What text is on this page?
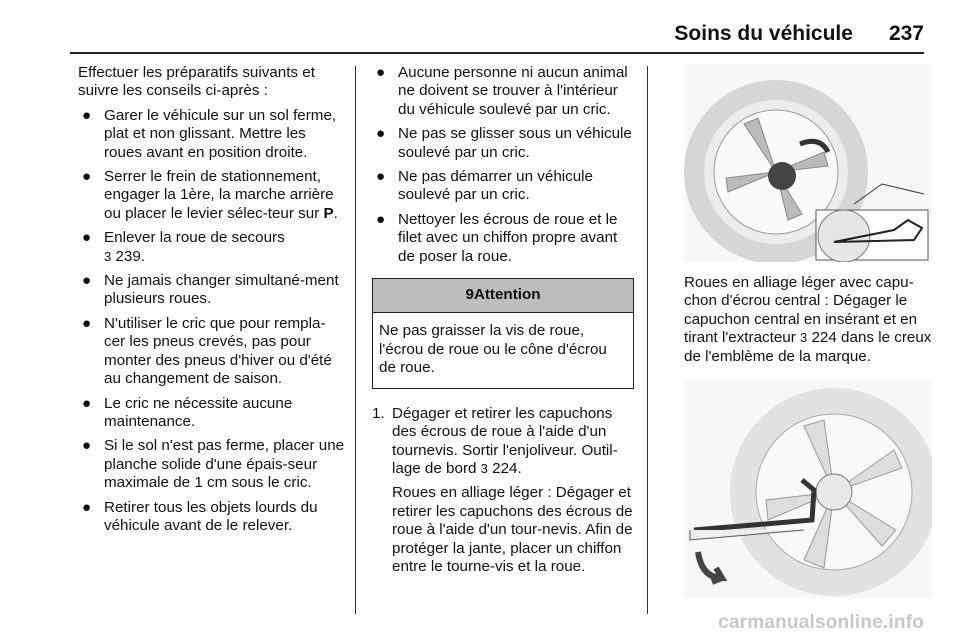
Soins du véhicule 237

Effectuer les préparatifs suivants et suivre les conseils ci-après :

● Garer le véhicule sur un sol ferme, plat et non glissant. Mettre les roues avant en position droite.
● Serrer le frein de stationnement, engager la 1ère, la marche arrière ou placer le levier sélec-teur sur P.
● Enlever la roue de secours
3 239.
● Ne jamais changer simultané-ment plusieurs roues.
● N'utiliser le cric que pour rempla-cer les pneus crevés, pas pour monter des pneus d'hiver ou d'été au changement de saison.
● Le cric ne nécessite aucune maintenance.
● Si le sol n'est pas ferme, placer une planche solide d'une épais-seur maximale de 1 cm sous le cric.
● Retirer tous les objets lourds du véhicule avant de le relever.
● Aucune personne ni aucun animal ne doivent se trouver à l'intérieur du véhicule soulevé par un cric.
● Ne pas se glisser sous un véhicule soulevé par un cric.
● Ne pas démarrer un véhicule soulevé par un cric.
● Nettoyer les écrous de roue et le filet avec un chiffon propre avant de poser la roue.
9Attention
Ne pas graisser la vis de roue, l'écrou de roue ou le cône d'écrou de roue.
1. Dégager et retirer les capuchons des écrous de roue à l'aide d'un tournevis. Sortir l'enjoliveur. Outil-lage de bord 3 224.

Roues en alliage léger : Dégager et retirer les capuchons des écrous de roue à l'aide d'un tour-nevis. Afin de protéger la jante, placer un chiffon entre le tourne-vis et la roue.

Roues en alliage léger avec capu-chon d'écrou central : Dégager le capuchon central en insérant et en tirant l'extracteur 3 224 dans le creux de l'emblème de la marque.

carmanualsonline.info
